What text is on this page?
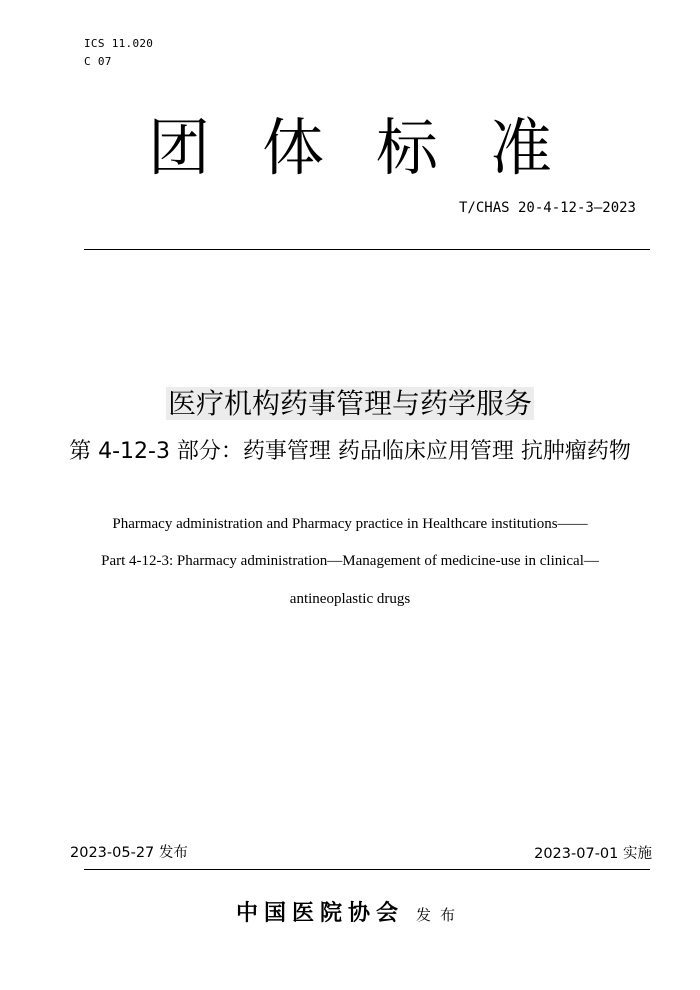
ICS 11.020
C 07
团 体 标 准
T/CHAS 20-4-12-3—2023
医疗机构药事管理与药学服务
第 4-12-3 部分：药事管理 药品临床应用管理 抗肿瘤药物
Pharmacy administration and Pharmacy practice in Healthcare institutions——
Part 4-12-3: Pharmacy administration—Management of medicine-use in clinical—
antineoplastic drugs
2023-05-27 发布	2023-07-01 实施
中国医院协会 发布
